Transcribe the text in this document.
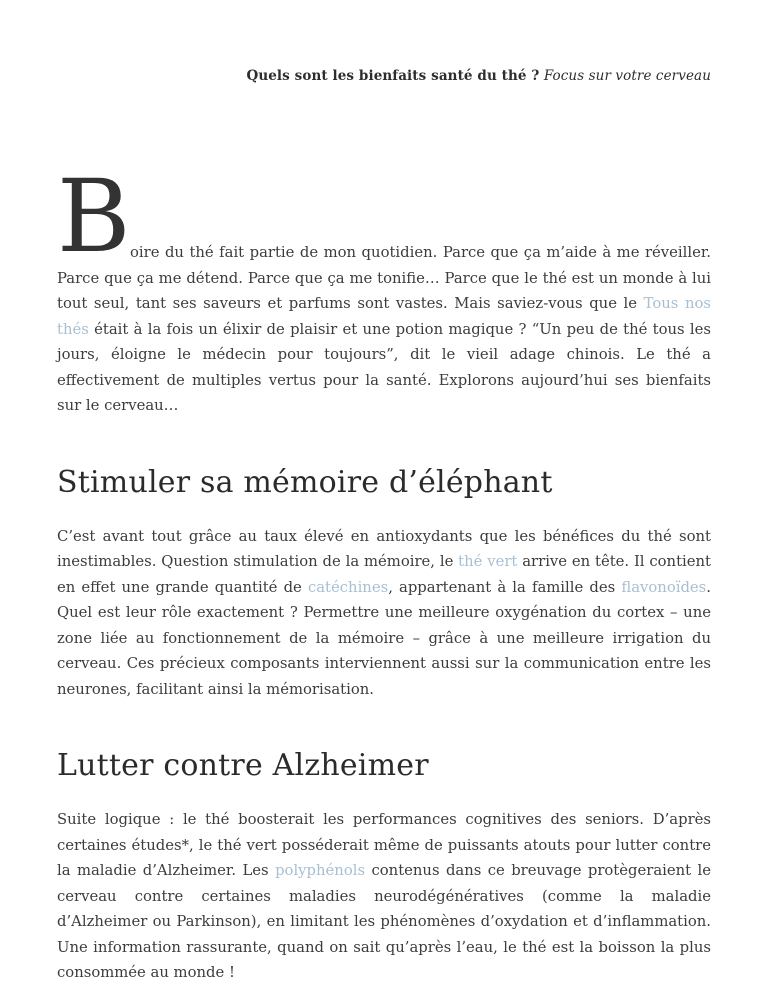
Quels sont les bienfaits santé du thé ? Focus sur votre cerveau

B oire du thé fait partie de mon quotidien. Parce que ça m’aide à me réveiller. Parce que ça me détend. Parce que ça me tonifie… Parce que le thé est un monde à lui tout seul, tant ses saveurs et parfums sont vastes. Mais saviez-vous que le Tous nos thés était à la fois un élixir de plaisir et une potion magique ? “Un peu de thé tous les jours, éloigne le médecin pour toujours”, dit le vieil adage chinois. Le thé a effectivement de multiples vertus pour la santé. Explorons aujourd’hui ses bienfaits sur le cerveau…

Stimuler sa mémoire d’éléphant

C’est avant tout grâce au taux élevé en antioxydants que les bénéfices du thé sont inestimables. Question stimulation de la mémoire, le thé vert arrive en tête. Il contient en effet une grande quantité de catéchines, appartenant à la famille des flavonoïdes. Quel est leur rôle exactement ? Permettre une meilleure oxygénation du cortex – une zone liée au fonctionnement de la mémoire – grâce à une meilleure irrigation du cerveau. Ces précieux composants interviennent aussi sur la communication entre les neurones, facilitant ainsi la mémorisation.

Lutter contre Alzheimer

Suite logique : le thé boosterait les performances cognitives des seniors. D’après certaines études*, le thé vert posséderait même de puissants atouts pour lutter contre la maladie d’Alzheimer. Les polyphénols contenus dans ce breuvage protègeraient le cerveau contre certaines maladies neurodégénératives (comme la maladie d’Alzheimer ou Parkinson), en limitant les phénomènes d’oxydation et d’inflammation. Une information rassurante, quand on sait qu’après l’eau, le thé est la boisson la plus consommée au monde !
